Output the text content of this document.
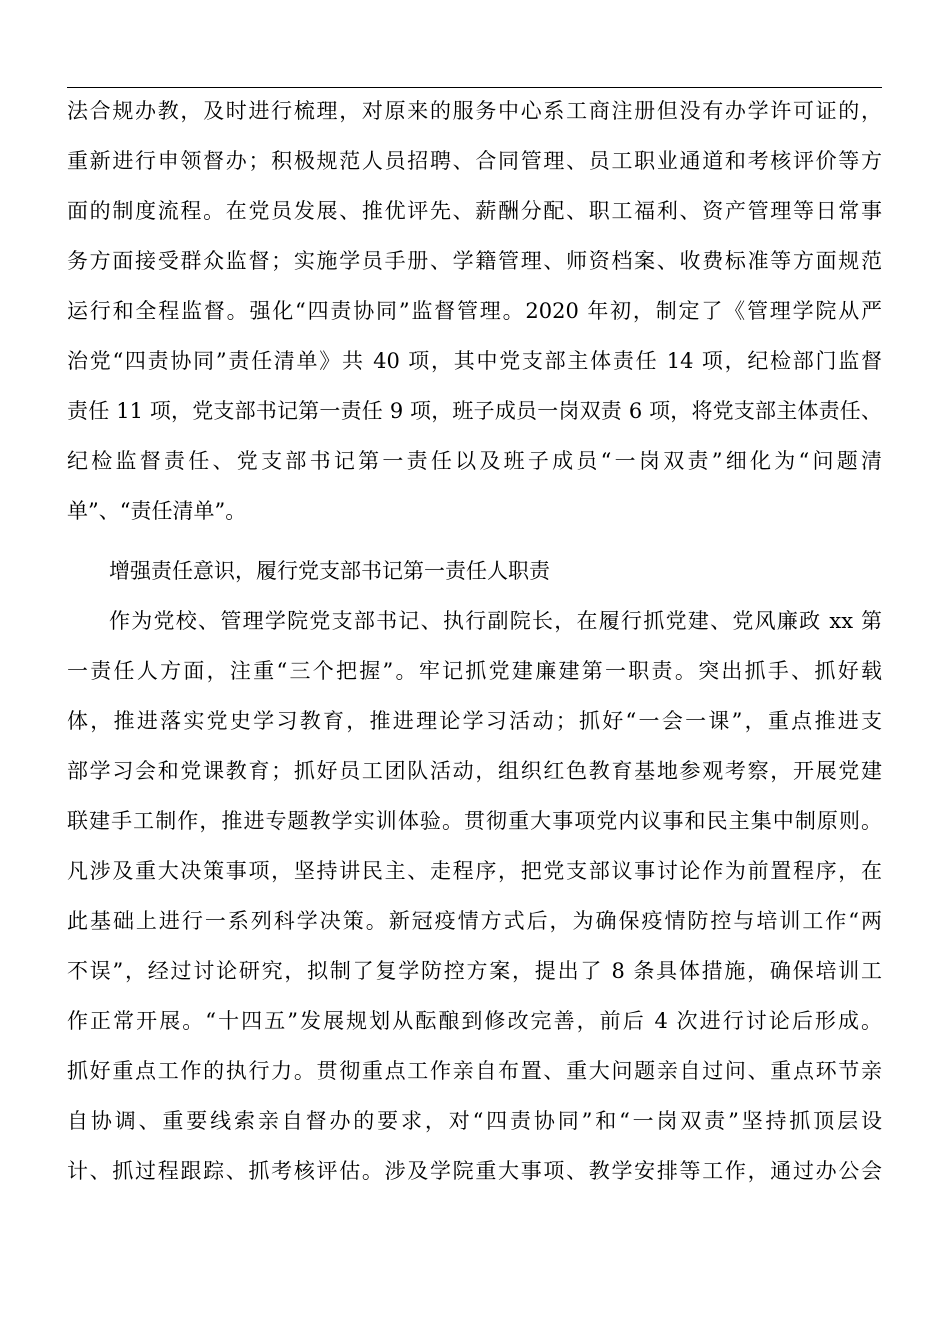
法合规办教，及时进行梳理，对原来的服务中心系工商注册但没有办学许可证的，
重新进行申领督办；积极规范人员招聘、合同管理、员工职业通道和考核评价等方
面的制度流程。在党员发展、推优评先、薪酬分配、职工福利、资产管理等日常事
务方面接受群众监督；实施学员手册、学籍管理、师资档案、收费标准等方面规范
运行和全程监督。强化“四责协同”监督管理。2020 年初，制定了《管理学院从严
治党“四责协同”责任清单》共 40 项，其中党支部主体责任 14 项，纪检部门监督
责任 11 项，党支部书记第一责任 9 项，班子成员一岗双责 6 项，将党支部主体责任、
纪检监督责任、党支部书记第一责任以及班子成员“一岗双责”细化为“问题清
单”、“责任清单”。
增强责任意识，履行党支部书记第一责任人职责
作为党校、管理学院党支部书记、执行副院长，在履行抓党建、党风廉政 xx 第
一责任人方面，注重“三个把握”。牢记抓党建廉建第一职责。突出抓手、抓好载
体，推进落实党史学习教育，推进理论学习活动；抓好“一会一课”，重点推进支
部学习会和党课教育；抓好员工团队活动，组织红色教育基地参观考察，开展党建
联建手工制作，推进专题教学实训体验。贯彻重大事项党内议事和民主集中制原则。
凡涉及重大决策事项，坚持讲民主、走程序，把党支部议事讨论作为前置程序，在
此基础上进行一系列科学决策。新冠疫情方式后，为确保疫情防控与培训工作“两
不误”，经过讨论研究，拟制了复学防控方案，提出了 8 条具体措施，确保培训工
作正常开展。“十四五”发展规划从酝酿到修改完善，前后 4 次进行讨论后形成。
抓好重点工作的执行力。贯彻重点工作亲自布置、重大问题亲自过问、重点环节亲
自协调、重要线索亲自督办的要求，对“四责协同”和“一岗双责”坚持抓顶层设
计、抓过程跟踪、抓考核评估。涉及学院重大事项、教学安排等工作，通过办公会
